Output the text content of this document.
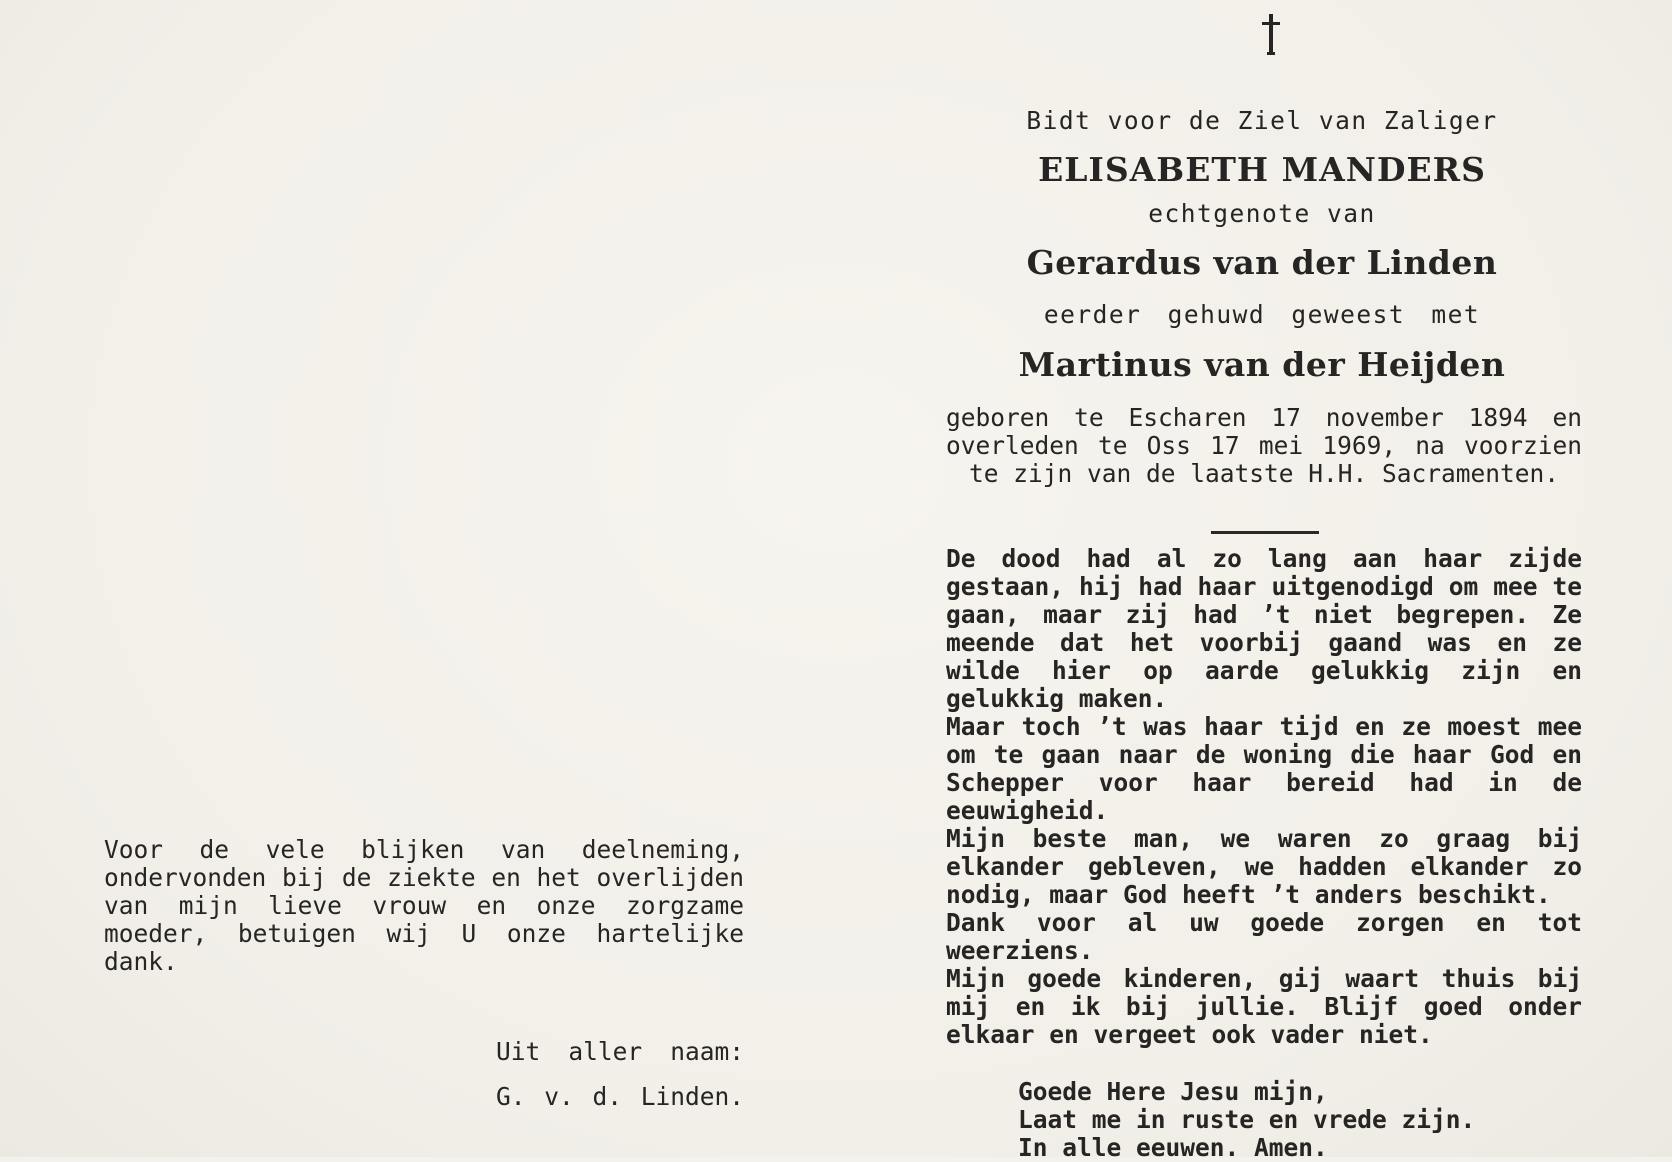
Voor de vele blijken van deelneming, ondervonden bij de ziekte en het overlijden van mijn lieve vrouw en onze zorgzame moeder, betuigen wij U onze hartelijke dank.

Uit aller naam:
G. v. d. Linden.
Bidt voor de Ziel van Zaliger
ELISABETH MANDERS
echtgenote van
Gerardus van der Linden
eerder gehuwd geweest met
Martinus van der Heijden
geboren te Escharen 17 november 1894 en overleden te Oss 17 mei 1969, na voorzien te zijn van de laatste H.H. Sacramenten.

De dood had al zo lang aan haar zijde gestaan, hij had haar uitgenodigd om mee te gaan, maar zij had ’t niet begrepen. Ze meende dat het voorbij gaand was en ze wilde hier op aarde gelukkig zijn en gelukkig maken.

Maar toch ’t was haar tijd en ze moest mee om te gaan naar de woning die haar God en Schepper voor haar bereid had in de eeuwigheid.

Mijn beste man, we waren zo graag bij elkander gebleven, we hadden elkander zo nodig, maar God heeft ’t anders beschikt.

Dank voor al uw goede zorgen en tot weerziens.

Mijn goede kinderen, gij waart thuis bij mij en ik bij jullie. Blijf goed onder elkaar en vergeet ook vader niet.

Goede Here Jesu mijn,
Laat me in ruste en vrede zijn.
In alle eeuwen. Amen.
